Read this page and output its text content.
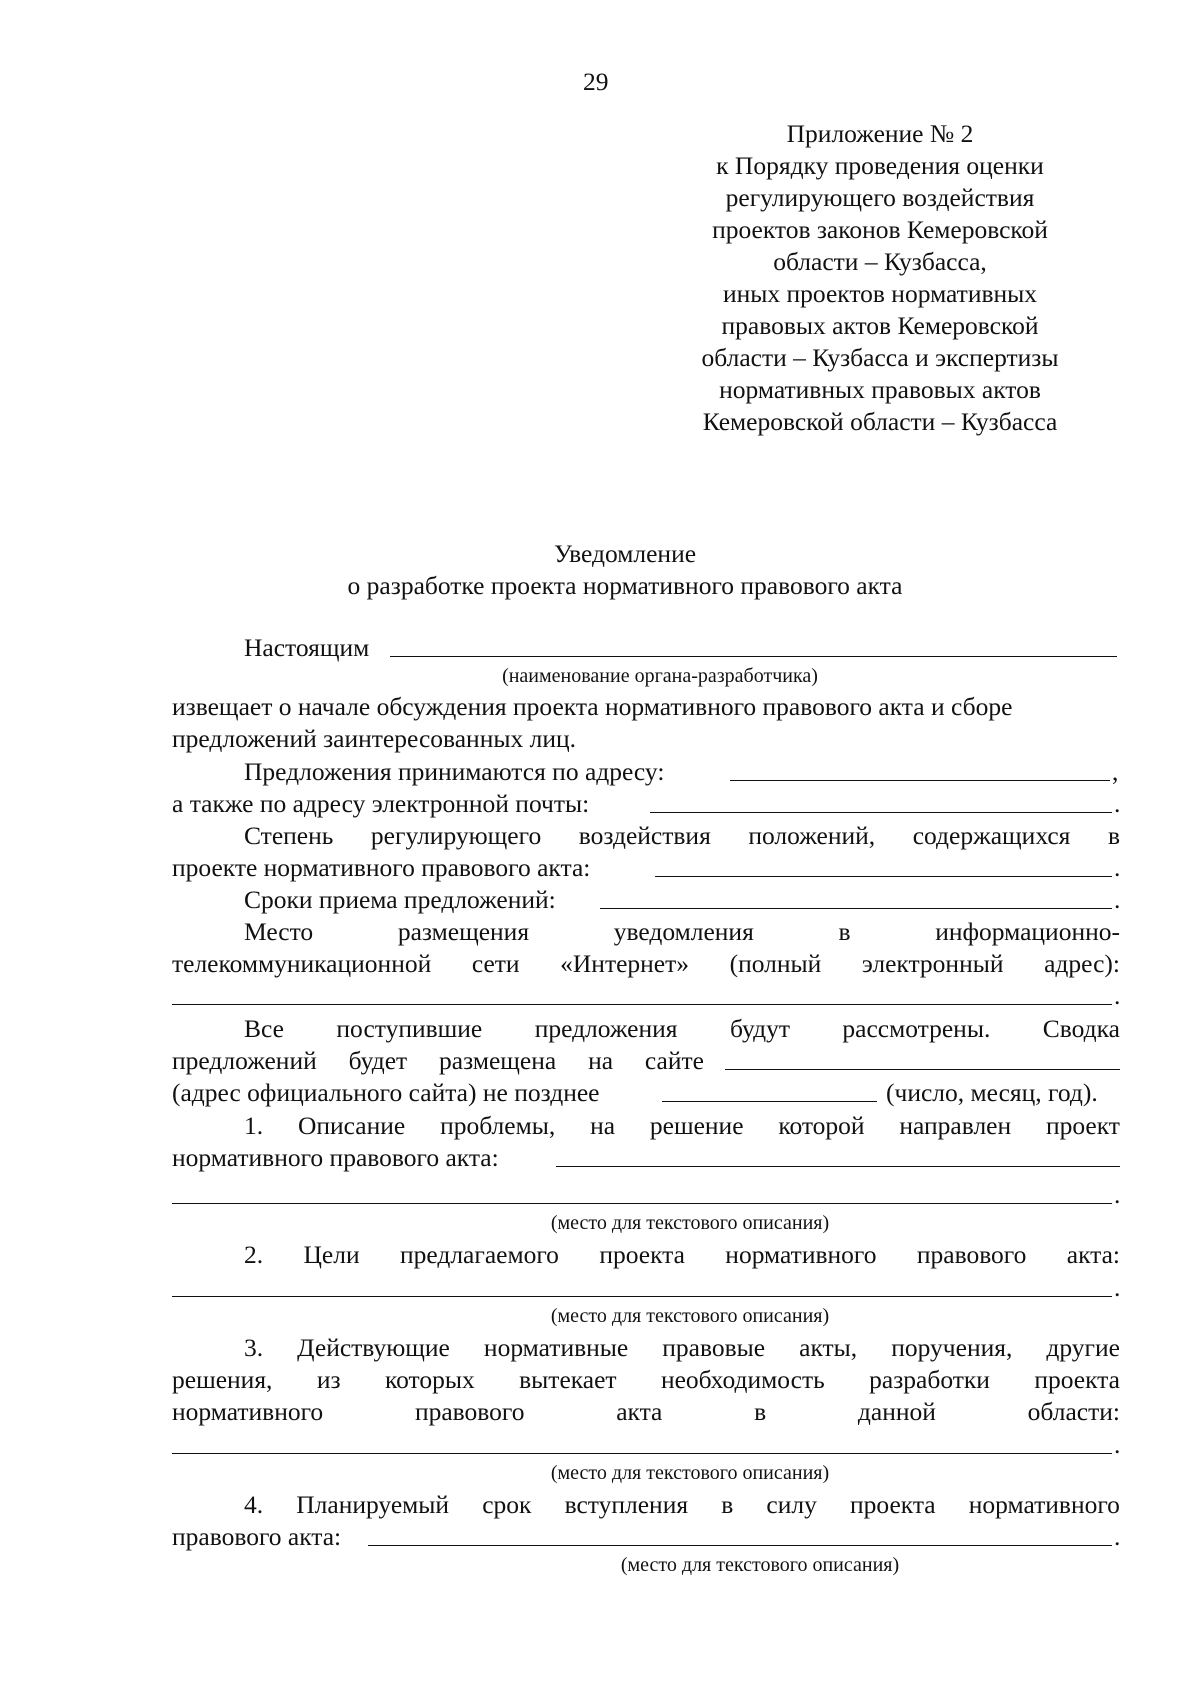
29
Приложение № 2
к Порядку проведения оценки
регулирующего воздействия
проектов законов Кемеровской
области – Кузбасса,
иных проектов нормативных
правовых актов Кемеровской
области – Кузбасса и экспертизы
нормативных правовых актов
Кемеровской области – Кузбасса
Уведомление
о разработке проекта нормативного правового акта
Настоящим
(наименование органа-разработчика)
извещает о начале обсуждения проекта нормативного правового акта и сборе
предложений заинтересованных лиц.
Предложения принимаются по адресу:	,
а также по адресу электронной почты:	.
Степень регулирующего воздействия положений, содержащихся в
проекте нормативного правового акта:	.
Сроки приема предложений:	.
Место	размещения	уведомления	в	информационно-
телекоммуникационной сети «Интернет» (полный электронный адрес):
.
Все поступившие предложения будут рассмотрены. Сводка
предложений будет размещена на сайте
(адрес официального сайта) не позднее	(число, месяц, год).
1. Описание проблемы, на решение которой направлен проект
нормативного правового акта:
.
(место для текстового описания)
2. Цели предлагаемого проекта нормативного правового акта:
.
(место для текстового описания)
3. Действующие нормативные правовые акты, поручения, другие
решения, из которых вытекает необходимость разработки проекта
нормативного	правового	акта	в	данной	области:
.
(место для текстового описания)
4. Планируемый срок вступления в силу проекта нормативного
правового акта:	.
(место для текстового описания)
